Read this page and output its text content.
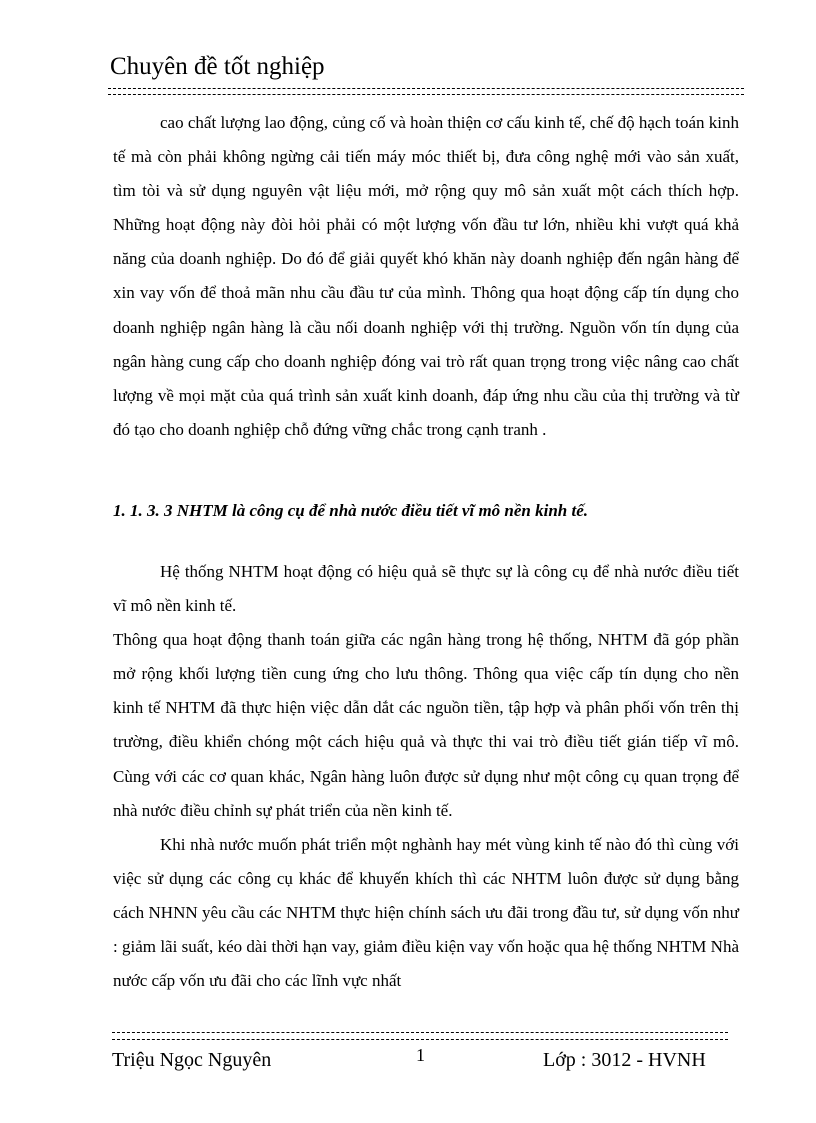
Chuyên đề tốt nghiệp

cao chất lượng lao động, củng cố và hoàn thiện cơ cấu kinh tế, chế độ hạch toán kinh tế mà còn phải không ngừng cải tiến máy móc thiết bị, đưa công nghệ mới vào sản xuất, tìm tòi và sử dụng nguyên vật liệu mới, mở rộng quy mô sản xuất một cách thích hợp. Những hoạt động này đòi hỏi phải có một lượng vốn đầu tư lớn, nhiều khi vượt quá khả năng của doanh nghiệp. Do đó để giải quyết khó khăn này doanh nghiệp đến ngân hàng để xin vay vốn để thoả mãn nhu cầu đầu tư của mình. Thông qua hoạt động cấp tín dụng cho doanh nghiệp ngân hàng là cầu nối doanh nghiệp với thị trường. Nguồn vốn tín dụng của ngân hàng cung cấp cho doanh nghiệp đóng vai trò rất quan trọng trong việc nâng cao chất lượng về mọi mặt của quá trình sản xuất kinh doanh, đáp ứng nhu cầu của thị trường và từ đó tạo cho doanh nghiệp chỗ đứng vững chắc trong cạnh tranh .

1. 1. 3. 3 NHTM là công cụ để nhà nước điều tiết vĩ mô nền kinh tế.

Hệ thống NHTM hoạt động có hiệu quả sẽ thực sự là công cụ để nhà nước điều tiết vĩ mô nền kinh tế.

Thông qua hoạt động thanh toán giữa các ngân hàng trong hệ thống, NHTM đã góp phần mở rộng khối lượng tiền cung ứng cho lưu thông. Thông qua việc cấp tín dụng cho nền kinh tế NHTM đã thực hiện việc dẫn dắt các nguồn tiền, tập hợp và phân phối vốn trên thị trường, điều khiển chóng một cách hiệu quả và thực thi vai trò điều tiết gián tiếp vĩ mô. Cùng với các cơ quan khác, Ngân hàng luôn được sử dụng như một công cụ quan trọng để nhà nước điều chỉnh sự phát triển của nền kinh tế.

Khi nhà nước muốn phát triển một nghành hay mét vùng kinh tế nào đó thì cùng với việc sử dụng các công cụ khác để khuyến khích thì các NHTM luôn được sử dụng bằng cách NHNN yêu cầu các NHTM thực hiện chính sách ưu đãi trong đầu tư, sử dụng vốn như : giảm lãi suất, kéo dài thời hạn vay, giảm điều kiện vay vốn hoặc qua hệ thống NHTM Nhà nước cấp vốn ưu đãi cho các lĩnh vực nhất

Triệu Ngọc Nguyên	1	Lớp : 3012 - HVNH
